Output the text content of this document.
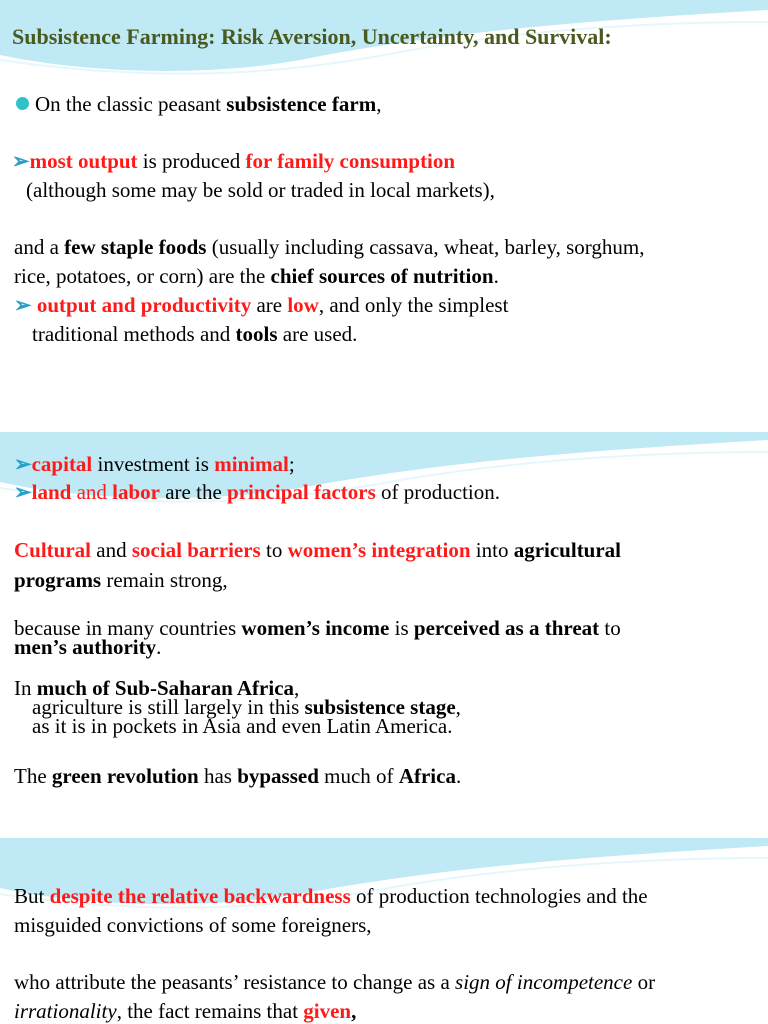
Subsistence Farming: Risk Aversion, Uncertainty, and Survival:
On the classic peasant subsistence farm,
➢most output is produced for family consumption
(although some may be sold or traded in local markets),
and a few staple foods (usually including cassava, wheat, barley, sorghum,
rice, potatoes, or corn) are the chief sources of nutrition.
➢ output and productivity are low, and only the simplest
traditional methods and tools are used.
➢capital investment is minimal;
➢land and labor are the principal factors of production.
Cultural and social barriers to women’s integration into agricultural
programs remain strong,
because in many countries women’s income is perceived as a threat to
men’s authority.
In much of Sub-Saharan Africa,
agriculture is still largely in this subsistence stage,
as it is in pockets in Asia and even Latin America.
The green revolution has bypassed much of Africa.
But despite the relative backwardness of production technologies and the
misguided convictions of some foreigners,
who attribute the peasants’ resistance to change as a sign of incompetence or
irrationality, the fact remains that given,
